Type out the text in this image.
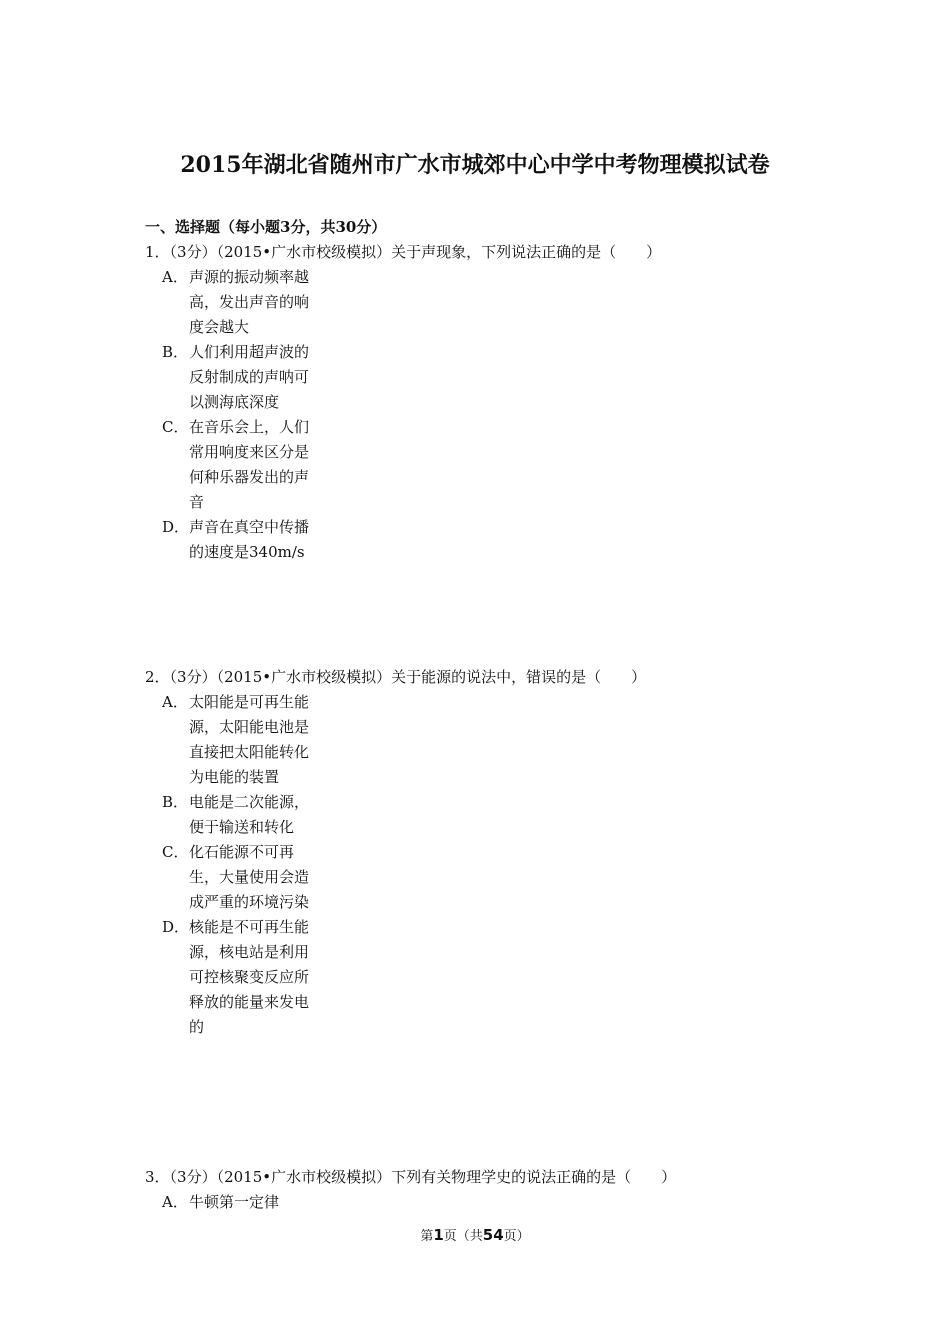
2015年湖北省随州市广水市城郊中心中学中考物理模拟试卷
一、选择题（每小题3分，共30分）
1．（3分）（2015•广水市校级模拟）关于声现象，下列说法正确的是（　　）
A． 声源的振动频率越高，发出声音的响度会越大
B． 人们利用超声波的反射制成的声呐可以测海底深度
C． 在音乐会上，人们常用响度来区分是何种乐器发出的声音
D． 声音在真空中传播的速度是340m/s
2．（3分）（2015•广水市校级模拟）关于能源的说法中，错误的是（　　）
A． 太阳能是可再生能源，太阳能电池是直接把太阳能转化为电能的装置
B． 电能是二次能源，便于输送和转化
C． 化石能源不可再生，大量使用会造成严重的环境污染
D． 核能是不可再生能源，核电站是利用可控核聚变反应所释放的能量来发电的
3．（3分）（2015•广水市校级模拟）下列有关物理学史的说法正确的是（　　）
A． 牛顿第一定律
第1页（共54页）
